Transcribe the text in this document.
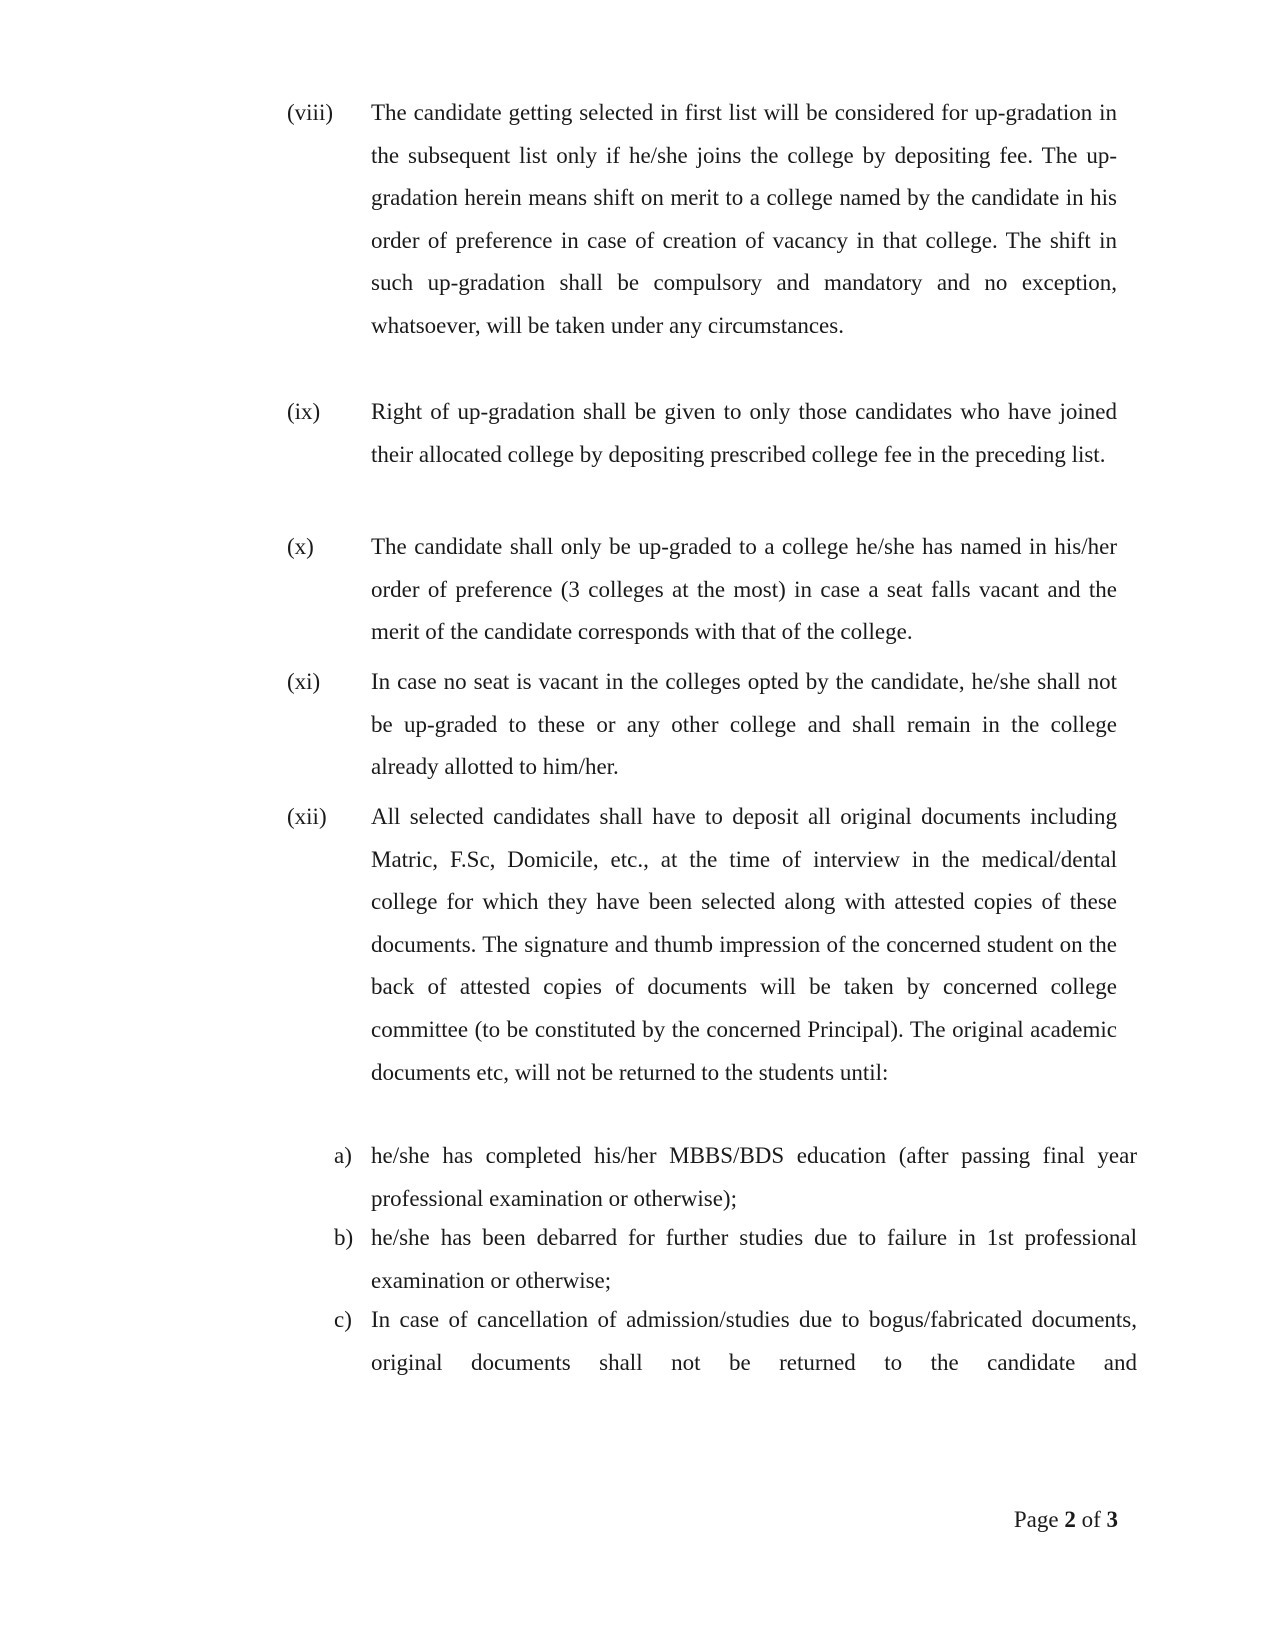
(viii) The candidate getting selected in first list will be considered for up-gradation in the subsequent list only if he/she joins the college by depositing fee. The up-gradation herein means shift on merit to a college named by the candidate in his order of preference in case of creation of vacancy in that college. The shift in such up-gradation shall be compulsory and mandatory and no exception, whatsoever, will be taken under any circumstances.
(ix) Right of up-gradation shall be given to only those candidates who have joined their allocated college by depositing prescribed college fee in the preceding list.
(x) The candidate shall only be up-graded to a college he/she has named in his/her order of preference (3 colleges at the most) in case a seat falls vacant and the merit of the candidate corresponds with that of the college.
(xi) In case no seat is vacant in the colleges opted by the candidate, he/she shall not be up-graded to these or any other college and shall remain in the college already allotted to him/her.
(xii) All selected candidates shall have to deposit all original documents including Matric, F.Sc, Domicile, etc., at the time of interview in the medical/dental college for which they have been selected along with attested copies of these documents. The signature and thumb impression of the concerned student on the back of attested copies of documents will be taken by concerned college committee (to be constituted by the concerned Principal). The original academic documents etc, will not be returned to the students until:
a) he/she has completed his/her MBBS/BDS education (after passing final year professional examination or otherwise);
b) he/she has been debarred for further studies due to failure in 1st professional examination or otherwise;
c) In case of cancellation of admission/studies due to bogus/fabricated documents, original documents shall not be returned to the candidate and
Page 2 of 3
